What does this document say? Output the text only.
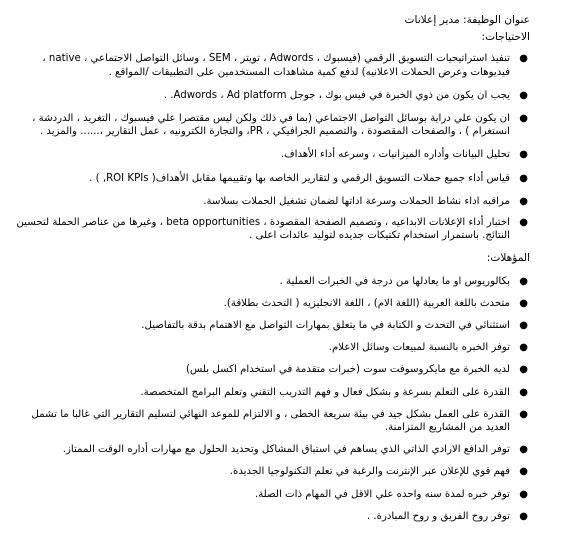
عنوان الوظيفة: مدير إعلانات
الاحتياجات:
●
تنفيذ استراتيجيات التسويق الرقمي (فيسبوك ، Adwords ، تويتر ، SEM ، وسائل التواصل الاجتماعي ، native ، فيديوهات وعرض الحملات الاعلانيه) لدفع كمية مشاهدات المستخدمين على التطبيقات /المواقع .
●
يجب ان يكون من ذوي الخبرة في فيس بوك ، جوجل Adwords ، Ad platform. .
●
ان يكون علي دراية بوسائل التواصل الاجتماعي (بما في ذلك ولكن ليس مقتصرا علي فيسبوك ، التغريد ، الدردشة ، انستغرام ) ، والصفحات المقصودة ، والتصميم الجرافيكي ، PR، والتجارة الكترونيه ، عمل التقارير ،...... والمزيد .
●
تحليل البيانات وأداره الميزانيات ، وسرعه أداء الأهداف.
●
قياس أداء جميع حملات التسويق الرقمي و لتقارير الخاصه بها وتقييمها مقابل الأهداف( ROI KPIs, ) .
●
مراقبه اداء نشاط الحملات وسرعة اداتها لضمان تشغيل الحملات بسلاسة.
●
اختبار أداء الإعلانات الابداعيه ، وتصميم الصفحة المقصودة ، beta opportunities ، وغيرها من عناصر الحملة لتحسين النتائج. باستمرار استخدام تكتيكات جديده لتوليد عائدات اعلى .
المؤهلات:
●
بكالوريوس او ما يعادلها من درجة في الخبرات العملية .
●
متحدث باللغة العربية (اللغة الام) ، اللغة الانجليزيه ( التحدث بطلاقة).
●
استثنائي في التحدث و الكتابة في ما يتعلق بمهارات التواصل مع الاهتمام بدقة بالتفاصيل.
●
توفر الخبره بالنسبة لمبيعات وسائل الاعلام.
●
لديه الخبرة مع مايكروسوفت سوت (خبرات متقدمة في استخدام اكسل بلس)
●
القدرة على التعلم بسرعة و بشكل فعال و فهم التدريب التقني وتعلم البرامج المتخصصة.
●
القدرة على العمل بشكل جيد في بيئة سريعة الخطى ، و الالتزام للموعد النهائي لتسليم التقارير التي غالبا ما تشمل العديد من المشاريع المتزامنة.
●
توفر الدافع الارادي الذاتي الذي يساهم في استباق المشاكل وتحديد الحلول مع مهارات أداره الوقت الممتاز.
●
فهم قوي للإعلان عبر الإنترنت والرغبة في تعلم التكنولوجيا الجديدة.
●
توفر خبره لمدة سنه واحده علي الاقل في المهام ذات الصلة.
●
توفر روح الفريق و روح المبادرة. .
